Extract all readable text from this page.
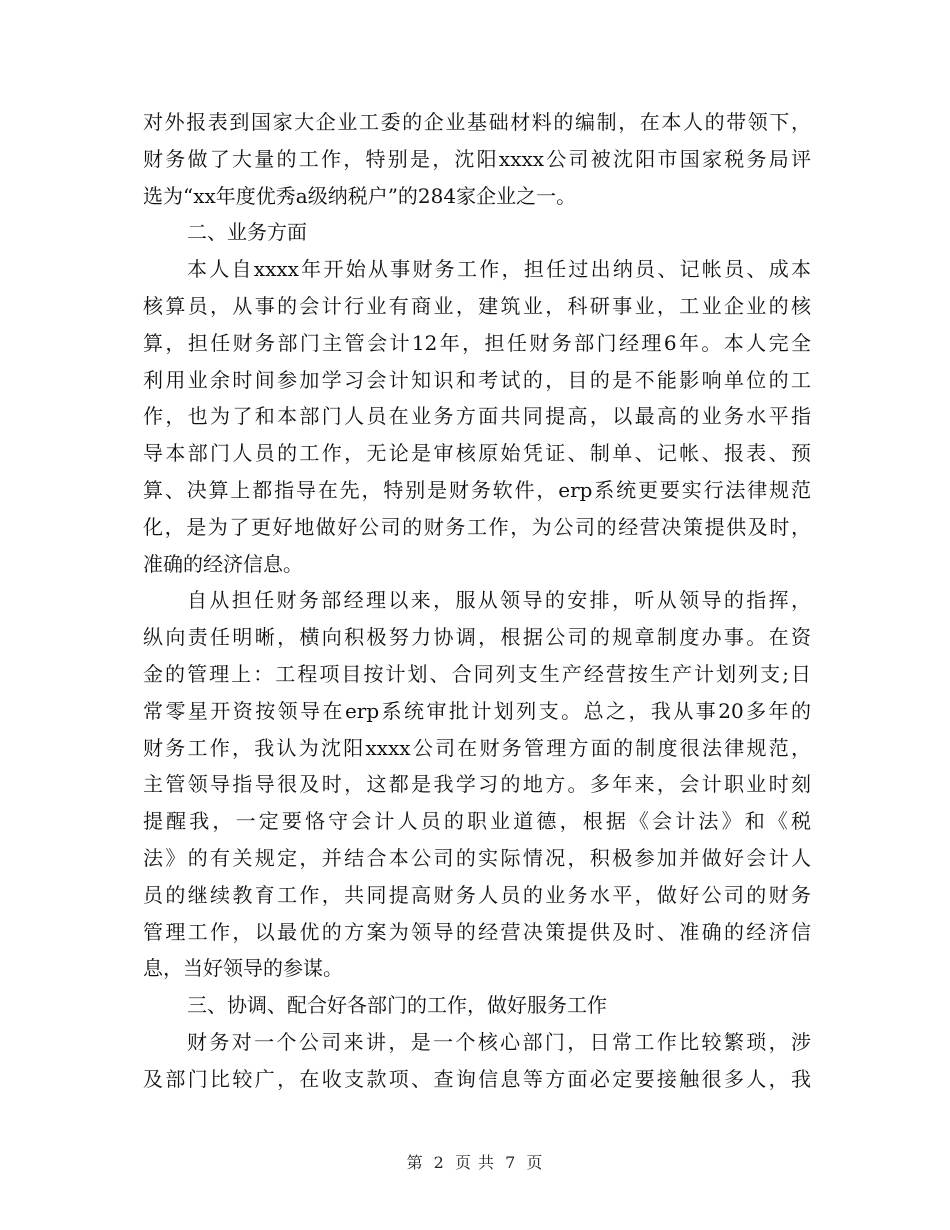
对外报表到国家大企业工委的企业基础材料的编制，在本人的带领下，
财务做了大量的工作，特别是，沈阳xxxx公司被沈阳市国家税务局评
选为“xx年度优秀a级纳税户”的284家企业之一。
二、业务方面
本人自xxxx年开始从事财务工作，担任过出纳员、记帐员、成本
核算员，从事的会计行业有商业，建筑业，科研事业，工业企业的核
算，担任财务部门主管会计12年，担任财务部门经理6年。本人完全
利用业余时间参加学习会计知识和考试的，目的是不能影响单位的工
作，也为了和本部门人员在业务方面共同提高，以最高的业务水平指
导本部门人员的工作，无论是审核原始凭证、制单、记帐、报表、预
算、决算上都指导在先，特别是财务软件，erp系统更要实行法律规范
化，是为了更好地做好公司的财务工作，为公司的经营决策提供及时，
准确的经济信息。
自从担任财务部经理以来，服从领导的安排，听从领导的指挥，
纵向责任明晰，横向积极努力协调，根据公司的规章制度办事。在资
金的管理上：工程项目按计划、合同列支生产经营按生产计划列支;日
常零星开资按领导在erp系统审批计划列支。总之，我从事20多年的
财务工作，我认为沈阳xxxx公司在财务管理方面的制度很法律规范，
主管领导指导很及时，这都是我学习的地方。多年来，会计职业时刻
提醒我，一定要恪守会计人员的职业道德，根据《会计法》和《税
法》的有关规定，并结合本公司的实际情况，积极参加并做好会计人
员的继续教育工作，共同提高财务人员的业务水平，做好公司的财务
管理工作，以最优的方案为领导的经营决策提供及时、准确的经济信
息，当好领导的参谋。
三、协调、配合好各部门的工作，做好服务工作
财务对一个公司来讲，是一个核心部门，日常工作比较繁琐，涉
及部门比较广，在收支款项、查询信息等方面必定要接触很多人，我
第 2 页 共 7 页
